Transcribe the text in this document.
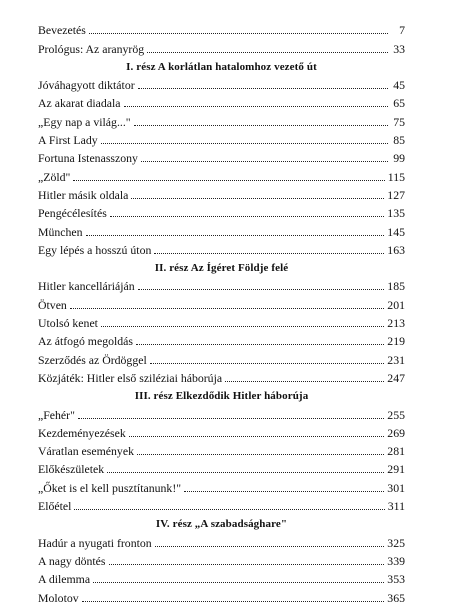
Bevezetés	7
Prológus: Az aranyrög	33
I. rész A korlátlan hatalomhoz vezető út
Jóváhagyott diktátor	45
Az akarat diadala	65
„Egy nap a világ..."	75
A First Lady	85
Fortuna Istenasszony	99
„Zöld"	115
Hitler másik oldala	127
Pengécélesítés	135
München	145
Egy lépés a hosszú úton	163
II. rész Az Ígéret Földje felé
Hitler kancelláriáján	185
Ötven	201
Utolsó kenet	213
Az átfogó megoldás	219
Szerződés az Ördöggel	231
Közjáték: Hitler első sziléziai háborúja	247
III. rész Elkezdődik Hitler háborúja
„Fehér"	255
Kezdeményezések	269
Váratlan események	281
Előkészületek	291
„Őket is el kell pusztítanunk!"	301
Előétel	311
IV. rész „A szabadsághare"
Hadúr a nyugati fronton	325
A nagy döntés	339
A dilemma	353
Molotov	365
